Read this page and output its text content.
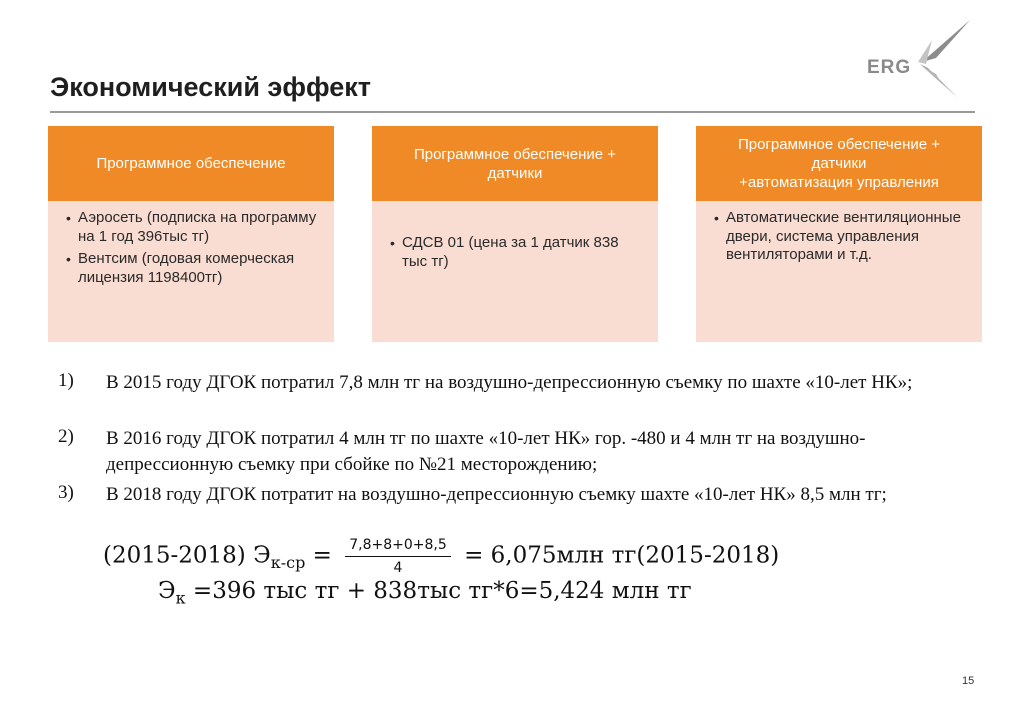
Экономический эффект
ERG
Программное обеспечение
• Аэросеть (подписка на программу на 1 год 396тыс тг)
• Вентсим (годовая комерческая лицензия 1198400тг)
Программное обеспечение +
датчики
• СДСВ 01 (цена за 1 датчик 838 тыс тг)
Программное обеспечение +
датчики
+автоматизация управления
• Автоматические вентиляционные двери, система управления вентиляторами и т.д.
1)	В 2015 году ДГОК потратил 7,8 млн тг на воздушно-депрессионную съемку по шахте «10-лет НК»;
2)	В 2016 году ДГОК потратил 4 млн тг по шахте «10-лет НК» гор. -480 и 4 млн тг на воздушно-депрессионную съемку при сбойке по №21 месторождению;
3)	В 2018 году ДГОК потратит на воздушно-депрессионную съемку шахте «10-лет НК» 8,5 млн тг;
(2015-2018) $Э_{к-ср} = \frac{7,8+8+0+8,5}{4} = 6,075млн$ тг(2015-2018)
$Э_к =396$ тыс тг + 838тыс тг*6=5,424 млн тг
15
